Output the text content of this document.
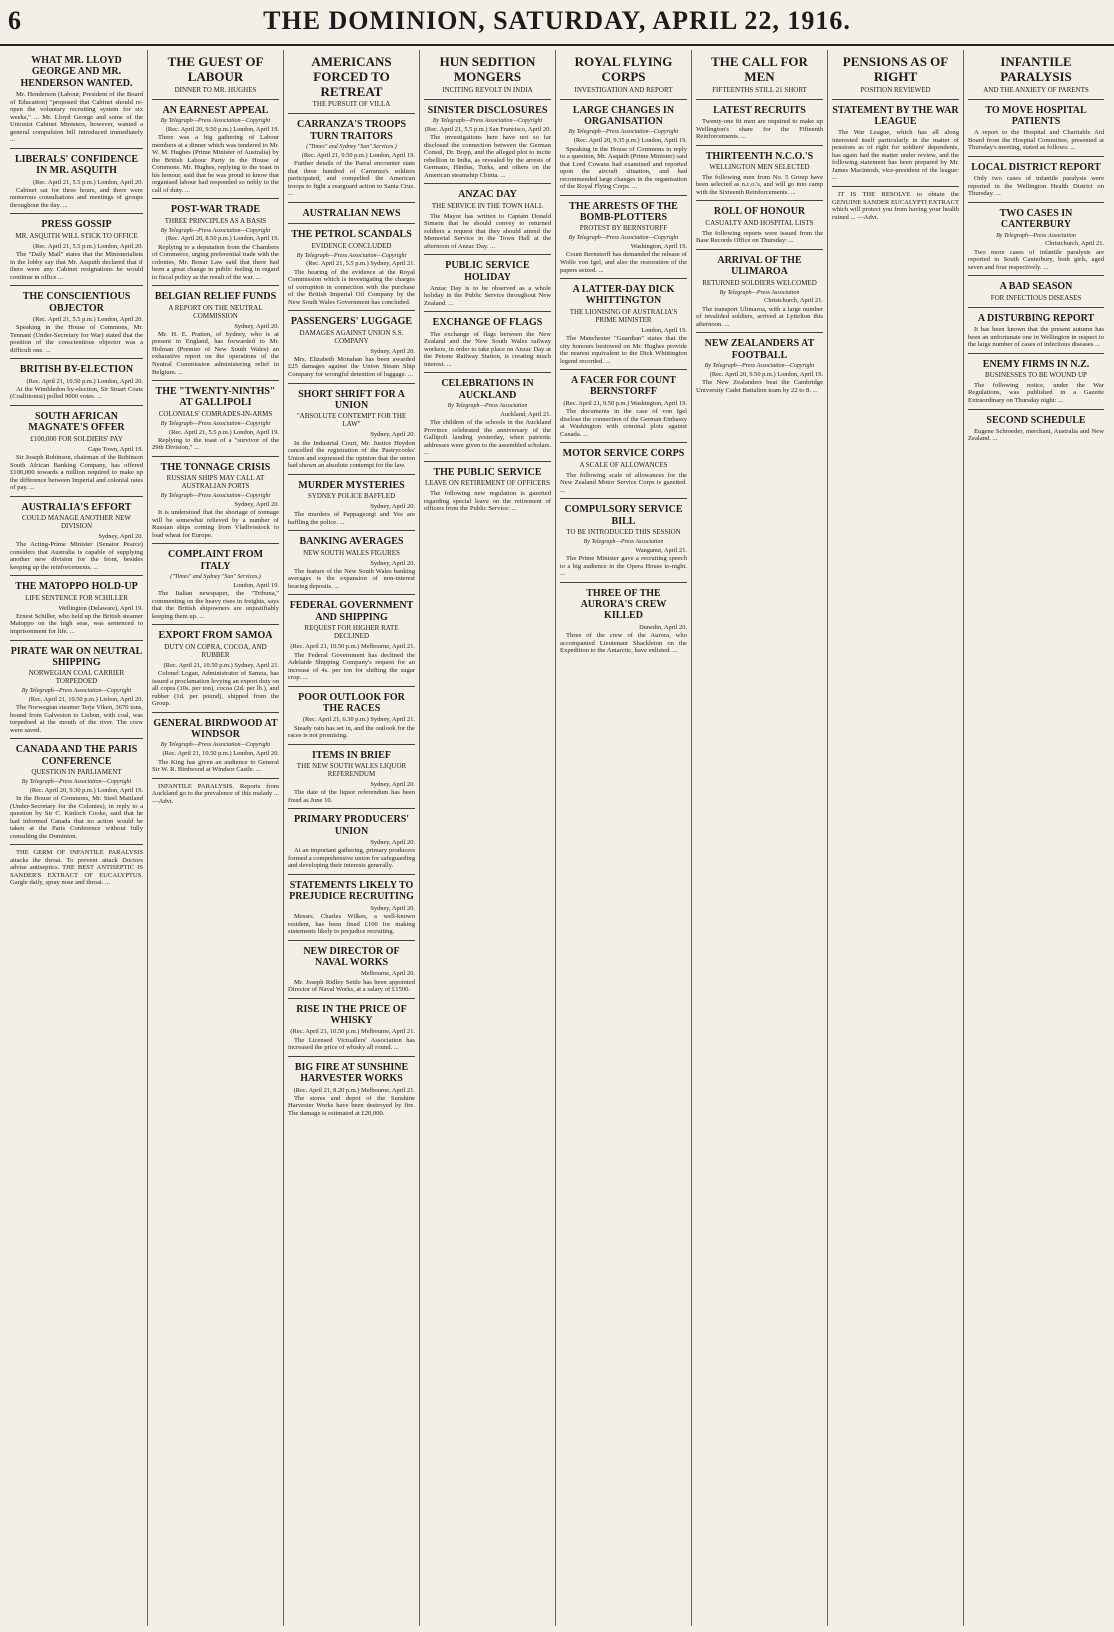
6	THE DOMINION, SATURDAY, APRIL 22, 1916.
WHAT MR. LLOYD GEORGE AND MR. HENDERSON WANTED.

Mr. Henderson (Labour, President of the Board of Education) "proposed that Cabinet should re-open the voluntary recruiting system for six weeks," ... Mr. Lloyd George and some of the Unionist Cabinet Ministers, however, wanted a general compulsion bill introduced immediately ...

LIBERALS' CONFIDENCE IN MR. ASQUITH
(Rec. April 21, 5.5 p.m.) London, April 20.

Cabinet sat for three hours, and there were numerous consultations and meetings of groups throughout the day. ...

PRESS GOSSIP
MR. ASQUITH WILL STICK TO OFFICE
(Rec. April 21, 5.5 p.m.) London, April 20.

The "Daily Mail" states that the Ministerialists in the lobby say that Mr. Asquith declared that if there were any Cabinet resignations he would continue in office ...

THE CONSCIENTIOUS OBJECTOR
(Rec. April 21, 5.5 p.m.) London, April 20.

Speaking in the House of Commons, Mr. Tennant (Under-Secretary for War) stated that the position of the conscientious objector was a difficult one. ...

BRITISH BY-ELECTION
(Rec. April 21, 10.50 p.m.) London, April 20.

At the Wimbledon by-election, Sir Stuart Coats (Coalitionist) polled 9000 votes. ...

SOUTH AFRICAN MAGNATE'S OFFER
£100,000 FOR SOLDIERS' PAY
Cape Town, April 19.

Sir Joseph Robinson, chairman of the Robinson South African Banking Company, has offered £100,000 towards a million required to make up the difference between Imperial and colonial rates of pay. ...

AUSTRALIA'S EFFORT
COULD MANAGE ANOTHER NEW DIVISION
Sydney, April 20.

The Acting-Prime Minister (Senator Pearce) considers that Australia is capable of supplying another new division for the front, besides keeping up the reinforcements. ...

THE MATOPPO HOLD-UP
LIFE SENTENCE FOR SCHILLER
Wellington (Delaware), April 19.

Ernest Schiller, who held up the British steamer Matoppo on the high seas, was sentenced to imprisonment for life. ...

PIRATE WAR ON NEUTRAL SHIPPING
NORWEGIAN COAL CARRIER TORPEDOED
By Telegraph—Press Association—Copyright
(Rec. April 21, 10.50 p.m.) Lisbon, April 20.

The Norwegian steamer Terje Viken, 3670 tons, bound from Galveston to Lisbon, with coal, was torpedoed at the mouth of the river. The crew were saved.

CANADA AND THE PARIS CONFERENCE
QUESTION IN PARLIAMENT
By Telegraph—Press Association—Copyright
(Rec. April 20, 9.30 p.m.) London, April 19.

In the House of Commons, Mr. Steel Maitland (Under-Secretary for the Colonies), in reply to a question by Sir C. Kinloch Cooke, said that he had informed Canada that no action would be taken at the Paris Conference without fully consulting the Dominion.

THE GERM OF INFANTILE PARALYSIS attacks the throat. To prevent attack Doctors advise antiseptics. THE BEST ANTISEPTIC IS SANDER'S EXTRACT OF EUCALYPTUS. Gargle daily, spray nose and throat. ...

THE GUEST OF LABOUR
DINNER TO MR. HUGHES
AN EARNEST APPEAL
By Telegraph—Press Association—Copyright
(Rec. April 20, 9.50 p.m.) London, April 19.

There was a big gathering of Labour members at a dinner which was tendered to Mr. W. M. Hughes (Prime Minister of Australia) by the British Labour Party in the House of Commons. Mr. Hughes, replying to the toast in his honour, said that he was proud to know that organised labour had responded so nobly to the call of duty. ...

POST-WAR TRADE
THREE PRINCIPLES AS A BASIS
By Telegraph—Press Association—Copyright
(Rec. April 20, 8.50 p.m.) London, April 19.

Replying to a deputation from the Chambers of Commerce, urging preferential trade with the colonies, Mr. Bonar Law said that there had been a great change in public feeling in regard to fiscal policy as the result of the war. ...

BELGIAN RELIEF FUNDS
A REPORT ON THE NEUTRAL COMMISSION
Sydney, April 20.

Mr. H. E. Pratten, of Sydney, who is at present in England, has forwarded to Mr. Holman (Premier of New South Wales) an exhaustive report on the operations of the Neutral Commission administering relief in Belgium. ...

THE "TWENTY-NINTHS" AT GALLIPOLI
COLONIALS' COMRADES-IN-ARMS
By Telegraph—Press Association—Copyright
(Rec. April 21, 5.5 p.m.) London, April 19.

Replying to the toast of a "survivor of the 29th Division," ...

THE TONNAGE CRISIS
RUSSIAN SHIPS MAY CALL AT AUSTRALIAN PORTS
By Telegraph—Press Association—Copyright
Sydney, April 20.

It is understood that the shortage of tonnage will be somewhat relieved by a number of Russian ships coming from Vladivostock to load wheat for Europe.

COMPLAINT FROM ITALY
("Times" and Sydney "Sun" Services.)
London, April 19.

The Italian newspaper, the "Tribuna," commenting on the heavy rises in freights, says that the British shipowners are unjustifiably keeping them up. ...

EXPORT FROM SAMOA
DUTY ON COPRA, COCOA, AND RUBBER
(Rec. April 21, 10.50 p.m.) Sydney, April 21.

Colonel Logan, Administrator of Samoa, has issued a proclamation levying an export duty on all copra (10s. per ton), cocoa (2d. per lb.), and rubber (1d. per pound), shipped from the Group.

GENERAL BIRDWOOD AT WINDSOR
By Telegraph—Press Association—Copyright
(Rec. April 21, 10.50 p.m.) London, April 20.

The King has given an audience to General Sir W. R. Birdwood at Windsor Castle. ...

INFANTILE PARALYSIS. Reports from Auckland go to the prevalence of this malady ... —Advt.

AMERICANS FORCED TO RETREAT
THE PURSUIT OF VILLA
CARRANZA'S TROOPS TURN TRAITORS
("Times" and Sydney "Sun" Services.)
(Rec. April 21, 9.50 p.m.) London, April 19.

Further details of the Parral encounter state that three hundred of Carranza's soldiers participated, and compelled the American troops to fight a rearguard action to Santa Cruz. ...

AUSTRALIAN NEWS
THE PETROL SCANDALS
EVIDENCE CONCLUDED
By Telegraph—Press Association—Copyright
(Rec. April 21, 5.5 p.m.) Sydney, April 21.

The hearing of the evidence at the Royal Commission which is investigating the charges of corruption in connection with the purchase of the British Imperial Oil Company by the New South Wales Government has concluded.

PASSENGERS' LUGGAGE
DAMAGES AGAINST UNION S.S. COMPANY
Sydney, April 20.

Mrs. Elizabeth Monahan has been awarded £25 damages against the Union Steam Ship Company for wrongful detention of luggage. ...

SHORT SHRIFT FOR A UNION
"ABSOLUTE CONTEMPT FOR THE LAW"
Sydney, April 20.

In the Industrial Court, Mr. Justice Heydon cancelled the registration of the Pastrycooks' Union and expressed the opinion that the union had shown an absolute contempt for the law.

MURDER MYSTERIES
SYDNEY POLICE BAFFLED
Sydney, April 20.

The murders of Pappageorgi and Yee are baffling the police. ...

BANKING AVERAGES
NEW SOUTH WALES FIGURES
Sydney, April 20.

The feature of the New South Wales banking averages is the expansion of non-interest bearing deposits. ...

FEDERAL GOVERNMENT AND SHIPPING
REQUEST FOR HIGHER RATE DECLINED
(Rec. April 21, 10.50 p.m.) Melbourne, April 21.

The Federal Government has declined the Adelaide Shipping Company's request for an increase of 4s. per ton for shifting the sugar crop. ...

POOR OUTLOOK FOR THE RACES
(Rec. April 21, 6.30 p.m.) Sydney, April 21.

Steady rain has set in, and the outlook for the races is not promising.

ITEMS IN BRIEF
THE NEW SOUTH WALES LIQUOR REFERENDUM
Sydney, April 20.

The date of the liquor referendum has been fixed as June 10.

PRIMARY PRODUCERS' UNION
Sydney, April 20.

At an important gathering, primary producers formed a comprehensive union for safeguarding and developing their interests generally.

STATEMENTS LIKELY TO PREJUDICE RECRUITING
Sydney, April 20.

Messrs. Charles Wilkes, a well-known resident, has been fined £100 for making statements likely to prejudice recruiting.

NEW DIRECTOR OF NAVAL WORKS
Melbourne, April 20.

Mr. Joseph Ridley Settle has been appointed Director of Naval Works, at a salary of £1500.

RISE IN THE PRICE OF WHISKY
(Rec. April 21, 10.50 p.m.) Melbourne, April 21.

The Licensed Victuallers' Association has increased the price of whisky all round. ...

BIG FIRE AT SUNSHINE HARVESTER WORKS
(Rec. April 21, 8.20 p.m.) Melbourne, April 21.

The stores and depot of the Sunshine Harvester Works have been destroyed by fire. The damage is estimated at £20,000.

HUN SEDITION MONGERS
INCITING REVOLT IN INDIA
SINISTER DISCLOSURES
By Telegraph—Press Association—Copyright
(Rec. April 21, 5.5 p.m.) San Francisco, April 20.

The investigations here have not so far disclosed the connection between the German Consul, Dr. Bopp, and the alleged plot to incite rebellion in India, as revealed by the arrests of Germans, Hindus, Turks, and others on the American steamship Chinta. ...

ANZAC DAY
THE SERVICE IN THE TOWN HALL

The Mayor has written to Captain Donald Simson that he should convey to returned soldiers a request that they should attend the Memorial Service in the Town Hall at the afternoon of Anzac Day. ...

PUBLIC SERVICE HOLIDAY

Anzac Day is to be observed as a whole holiday in the Public Service throughout New Zealand. ...

EXCHANGE OF FLAGS

The exchange of flags between the New Zealand and the New South Wales railway workers, in order to take place on Anzac Day at the Petone Railway Station, is creating much interest. ...

CELEBRATIONS IN AUCKLAND
By Telegraph—Press Association
Auckland, April 21.

The children of the schools in the Auckland Province celebrated the anniversary of the Gallipoli landing yesterday, when patriotic addresses were given to the assembled scholars. ...

THE PUBLIC SERVICE
LEAVE ON RETIREMENT OF OFFICERS

The following new regulation is gazetted regarding special leave on the retirement of officers from the Public Service: ...

ROYAL FLYING CORPS
INVESTIGATION AND REPORT
LARGE CHANGES IN ORGANISATION
By Telegraph—Press Association—Copyright
(Rec. April 20, 9.35 p.m.) London, April 19.

Speaking in the House of Commons in reply to a question, Mr. Asquith (Prime Minister) said that Lord Cowans had examined and reported upon the aircraft situation, and had recommended large changes in the organisation of the Royal Flying Corps. ...

THE ARRESTS OF THE BOMB-PLOTTERS
PROTEST BY BERNSTORFF
By Telegraph—Press Association—Copyright
Washington, April 19.

Count Bernstorff has demanded the release of Wolfe von Igel, and also the restoration of the papers seized. ...

A LATTER-DAY DICK WHITTINGTON
THE LIONISING OF AUSTRALIA'S PRIME MINISTER
London, April 19.

The Manchester "Guardian" states that the city honours bestowed on Mr. Hughes provide the nearest equivalent to the Dick Whittington legend recorded. ...

A FACER FOR COUNT BERNSTORFF
(Rec. April 21, 9.50 p.m.) Washington, April 19.

The documents in the case of von Igel disclose the connection of the German Embassy at Washington with criminal plots against Canada. ...

MOTOR SERVICE CORPS
A SCALE OF ALLOWANCES

The following scale of allowances for the New Zealand Motor Service Corps is gazetted. ...

COMPULSORY SERVICE BILL
TO BE INTRODUCED THIS SESSION
By Telegraph—Press Association
Wanganui, April 21.

The Prime Minister gave a recruiting speech to a big audience in the Opera House to-night. ...

THREE OF THE AURORA'S CREW KILLED
Dunedin, April 20.

Three of the crew of the Aurora, who accompanied Lieutenant Shackleton on the Expedition to the Antarctic, have enlisted. ...

THE CALL FOR MEN
FIFTEENTHS STILL 21 SHORT
LATEST RECRUITS

Twenty-one fit men are required to make up Wellington's share for the Fifteenth Reinforcements. ...

THIRTEENTH N.C.O.'S
WELLINGTON MEN SELECTED

The following men from No. 5 Group have been selected as n.c.o.'s, and will go into camp with the Sixteenth Reinforcements. ...

ROLL OF HONOUR
CASUALTY AND HOSPITAL LISTS

The following reports were issued from the Base Records Office on Thursday: ...

ARRIVAL OF THE ULIMAROA
RETURNED SOLDIERS WELCOMED
By Telegraph—Press Association
Christchurch, April 21.

The transport Ulimaroa, with a large number of invalided soldiers, arrived at Lyttelton this afternoon. ...

NEW ZEALANDERS AT FOOTBALL
By Telegraph—Press Association—Copyright
(Rec. April 20, 9.50 p.m.) London, April 19.

The New Zealanders beat the Cambridge University Cadet Battalion team by 22 to 8. ...

PENSIONS AS OF RIGHT
POSITION REVIEWED
STATEMENT BY THE WAR LEAGUE

The War League, which has all along interested itself particularly in the matter of pensions as of right for soldiers' dependents, has again had the matter under review, and the following statement has been prepared by Mr. James Macintosh, vice-president of the league: ...

IT IS THE RESOLVE to obtain the GENUINE SANDER EUCALYPTI EXTRACT which will protect you from having your health ruined ... —Advt.

INFANTILE PARALYSIS
AND THE ANXIETY OF PARENTS
TO MOVE HOSPITAL PATIENTS

A report to the Hospital and Charitable Aid Board from the Hospital Committee, presented at Thursday's meeting, stated as follows: ...

LOCAL DISTRICT REPORT

Only two cases of infantile paralysis were reported in the Wellington Health District on Thursday. ...

TWO CASES IN CANTERBURY
By Telegraph—Press Association
Christchurch, April 21.

Two more cases of infantile paralysis are reported in South Canterbury, both girls, aged seven and four respectively. ...

A BAD SEASON
FOR INFECTIOUS DISEASES
A DISTURBING REPORT

It has been known that the present autumn has been an unfortunate one in Wellington in respect to the large number of cases of infectious diseases ...

ENEMY FIRMS IN N.Z.
BUSINESSES TO BE WOUND UP

The following notice, under the War Regulations, was published in a Gazette Extraordinary on Thursday night: ...

SECOND SCHEDULE

Eugene Schroeder, merchant, Australia and New Zealand. ...
